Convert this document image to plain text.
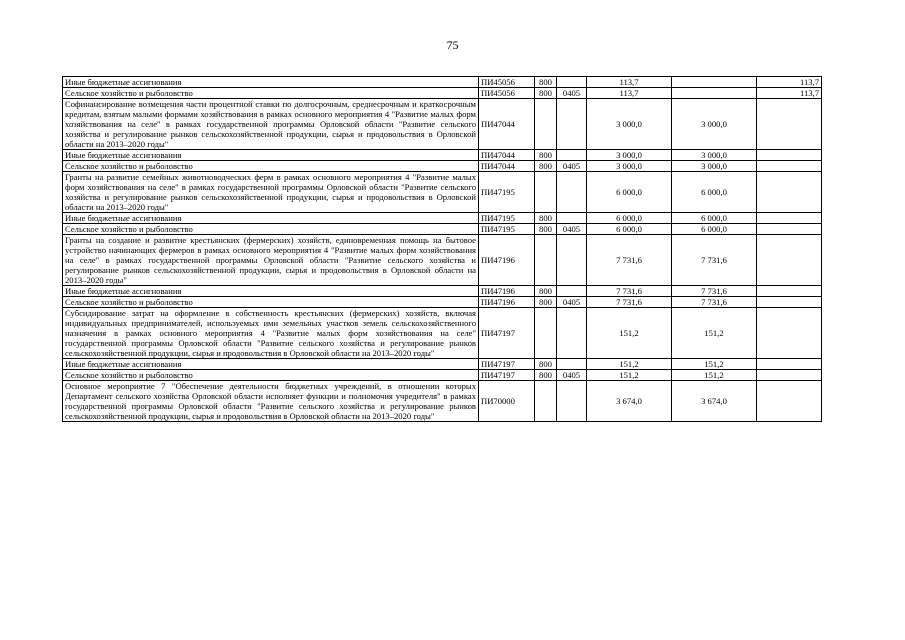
75
Иные бюджетные ассигнования	ПИ45056	800		113,7		113,7
Сельское хозяйство и рыболовство	ПИ45056	800	0405	113,7		113,7
Софинансирование возмещения части процентной ставки по долгосрочным, среднесрочным и краткосрочным кредитам, взятым малыми формами хозяйствования в рамках основного мероприятия 4 "Развитие малых форм хозяйствования на селе" в рамках государственной программы Орловской области "Развитие сельского хозяйства и регулирование рынков сельскохозяйственной продукции, сырья и продовольствия в Орловской области на 2013–2020 годы"	ПИ47044			3 000,0	3 000,0	
Иные бюджетные ассигнования	ПИ47044	800		3 000,0	3 000,0	
Сельское хозяйство и рыболовство	ПИ47044	800	0405	3 000,0	3 000,0	
Гранты на развитие семейных животноводческих ферм в рамках основного мероприятия 4 "Развитие малых форм хозяйствования на селе" в рамках государственной программы Орловской области "Развитие сельского хозяйства и регулирование рынков сельскохозяйственной продукции, сырья и продовольствия в Орловской области на 2013–2020 годы"	ПИ47195			6 000,0	6 000,0	
Иные бюджетные ассигнования	ПИ47195	800		6 000,0	6 000,0	
Сельское хозяйство и рыболовство	ПИ47195	800	0405	6 000,0	6 000,0	
Гранты на создание и развитие крестьянских (фермерских) хозяйств, единовременная помощь на бытовое устройство начинающих фермеров в рамках основного мероприятия 4 "Развитие малых форм хозяйствования на селе" в рамках государственной программы Орловской области "Развитие сельского хозяйства и регулирование рынков сельскохозяйственной продукции, сырья и продовольствия в Орловской области на 2013–2020 годы"	ПИ47196			7 731,6	7 731,6	
Иные бюджетные ассигнования	ПИ47196	800		7 731,6	7 731,6	
Сельское хозяйство и рыболовство	ПИ47196	800	0405	7 731,6	7 731,6	
Субсидирование затрат на оформление в собственность крестьянских (фермерских) хозяйств, включая индивидуальных предпринимателей, используемых ими земельных участков земель сельскохозяйственного назначения в рамках основного мероприятия 4 "Развитие малых форм хозяйствования на селе" государственной программы Орловской области "Развитие сельского хозяйства и регулирование рынков сельскохозяйственной продукции, сырья и продовольствия в Орловской области на 2013–2020 годы"	ПИ47197			151,2	151,2	
Иные бюджетные ассигнования	ПИ47197	800		151,2	151,2	
Сельское хозяйство и рыболовство	ПИ47197	800	0405	151,2	151,2	
Основное мероприятие 7 "Обеспечение деятельности бюджетных учреждений, в отношении которых Департамент сельского хозяйства Орловской области исполняет функции и полномочия учредителя" в рамках государственной программы Орловской области "Развитие сельского хозяйства и регулирование рынков сельскохозяйственной продукции, сырья и продовольствия в Орловской области на 2013–2020 годы"	ПИ70000			3 674,0	3 674,0	
